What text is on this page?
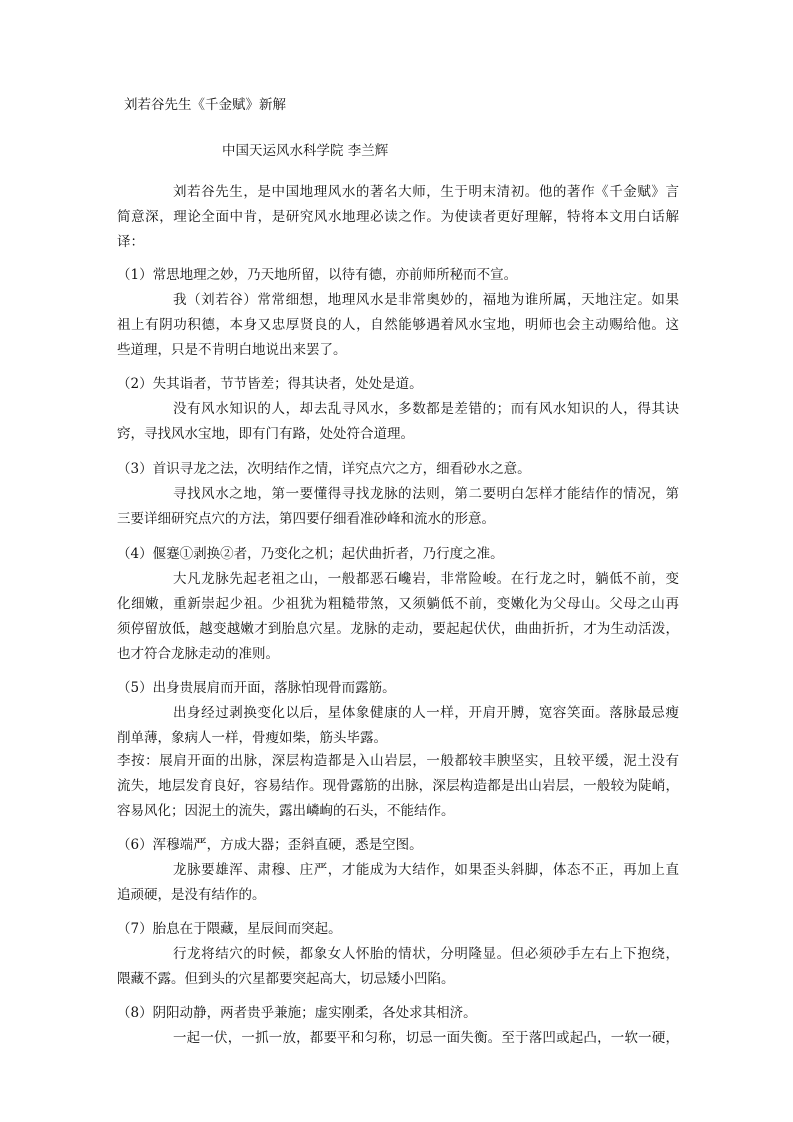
刘若谷先生《千金赋》新解
中国天运风水科学院 李兰辉
刘若谷先生，是中国地理风水的著名大师，生于明末清初。他的著作《千金赋》言
简意深，理论全面中肯，是研究风水地理必读之作。为使读者更好理解，特将本文用白话解
译：
（1）常思地理之妙，乃天地所留，以待有德，亦前师所秘而不宣。
我（刘若谷）常常细想，地理风水是非常奥妙的，福地为谁所属，天地注定。如果
祖上有阴功积德，本身又忠厚贤良的人，自然能够遇着风水宝地，明师也会主动赐给他。这
些道理，只是不肯明白地说出来罢了。
（2）失其诣者，节节皆差；得其诀者，处处是道。
没有风水知识的人，却去乱寻风水，多数都是差错的；而有风水知识的人，得其诀
窍，寻找风水宝地，即有门有路，处处符合道理。
（3）首识寻龙之法，次明结作之情，详究点穴之方，细看砂水之意。
寻找风水之地，第一要懂得寻找龙脉的法则，第二要明白怎样才能结作的情况，第
三要详细研究点穴的方法，第四要仔细看准砂峰和流水的形意。
（4）偃蹇①剥换②者，乃变化之机；起伏曲折者，乃行度之准。
大凡龙脉先起老祖之山，一般都恶石巉岩，非常险峻。在行龙之时，躺低不前，变
化细嫩，重新崇起少祖。少祖犹为粗糙带煞，又须躺低不前，变嫩化为父母山。父母之山再
须停留放低，越变越嫩才到胎息穴星。龙脉的走动，要起起伏伏，曲曲折折，才为生动活泼，
也才符合龙脉走动的准则。
（5）出身贵展肩而开面，落脉怕现骨而露筋。
出身经过剥换变化以后，星体象健康的人一样，开肩开膊，宽容笑面。落脉最忌瘦
削单薄，象病人一样，骨瘦如柴，筋头毕露。
李按：展肩开面的出脉，深层构造都是入山岩层，一般都较丰腴坚实，且较平缓，泥土没有
流失，地层发育良好，容易结作。现骨露筋的出脉，深层构造都是出山岩层，一般较为陡峭，
容易风化；因泥土的流失，露出嶙峋的石头，不能结作。
（6）浑穆端严，方成大器；歪斜直硬，悉是空图。
龙脉要雄浑、肃穆、庄严，才能成为大结作，如果歪头斜脚，体态不正，再加上直
追顽硬，是没有结作的。
（7）胎息在于隈藏，星辰间而突起。
行龙将结穴的时候，都象女人怀胎的情状，分明隆显。但必须砂手左右上下抱绕，
隈藏不露。但到头的穴星都要突起高大，切忌矮小凹陷。
（8）阴阳动静，两者贵乎兼施；虚实刚柔，各处求其相济。
一起一伏，一抓一放，都要平和匀称，切忌一面失衡。至于落凹或起凸，一软一硬，
